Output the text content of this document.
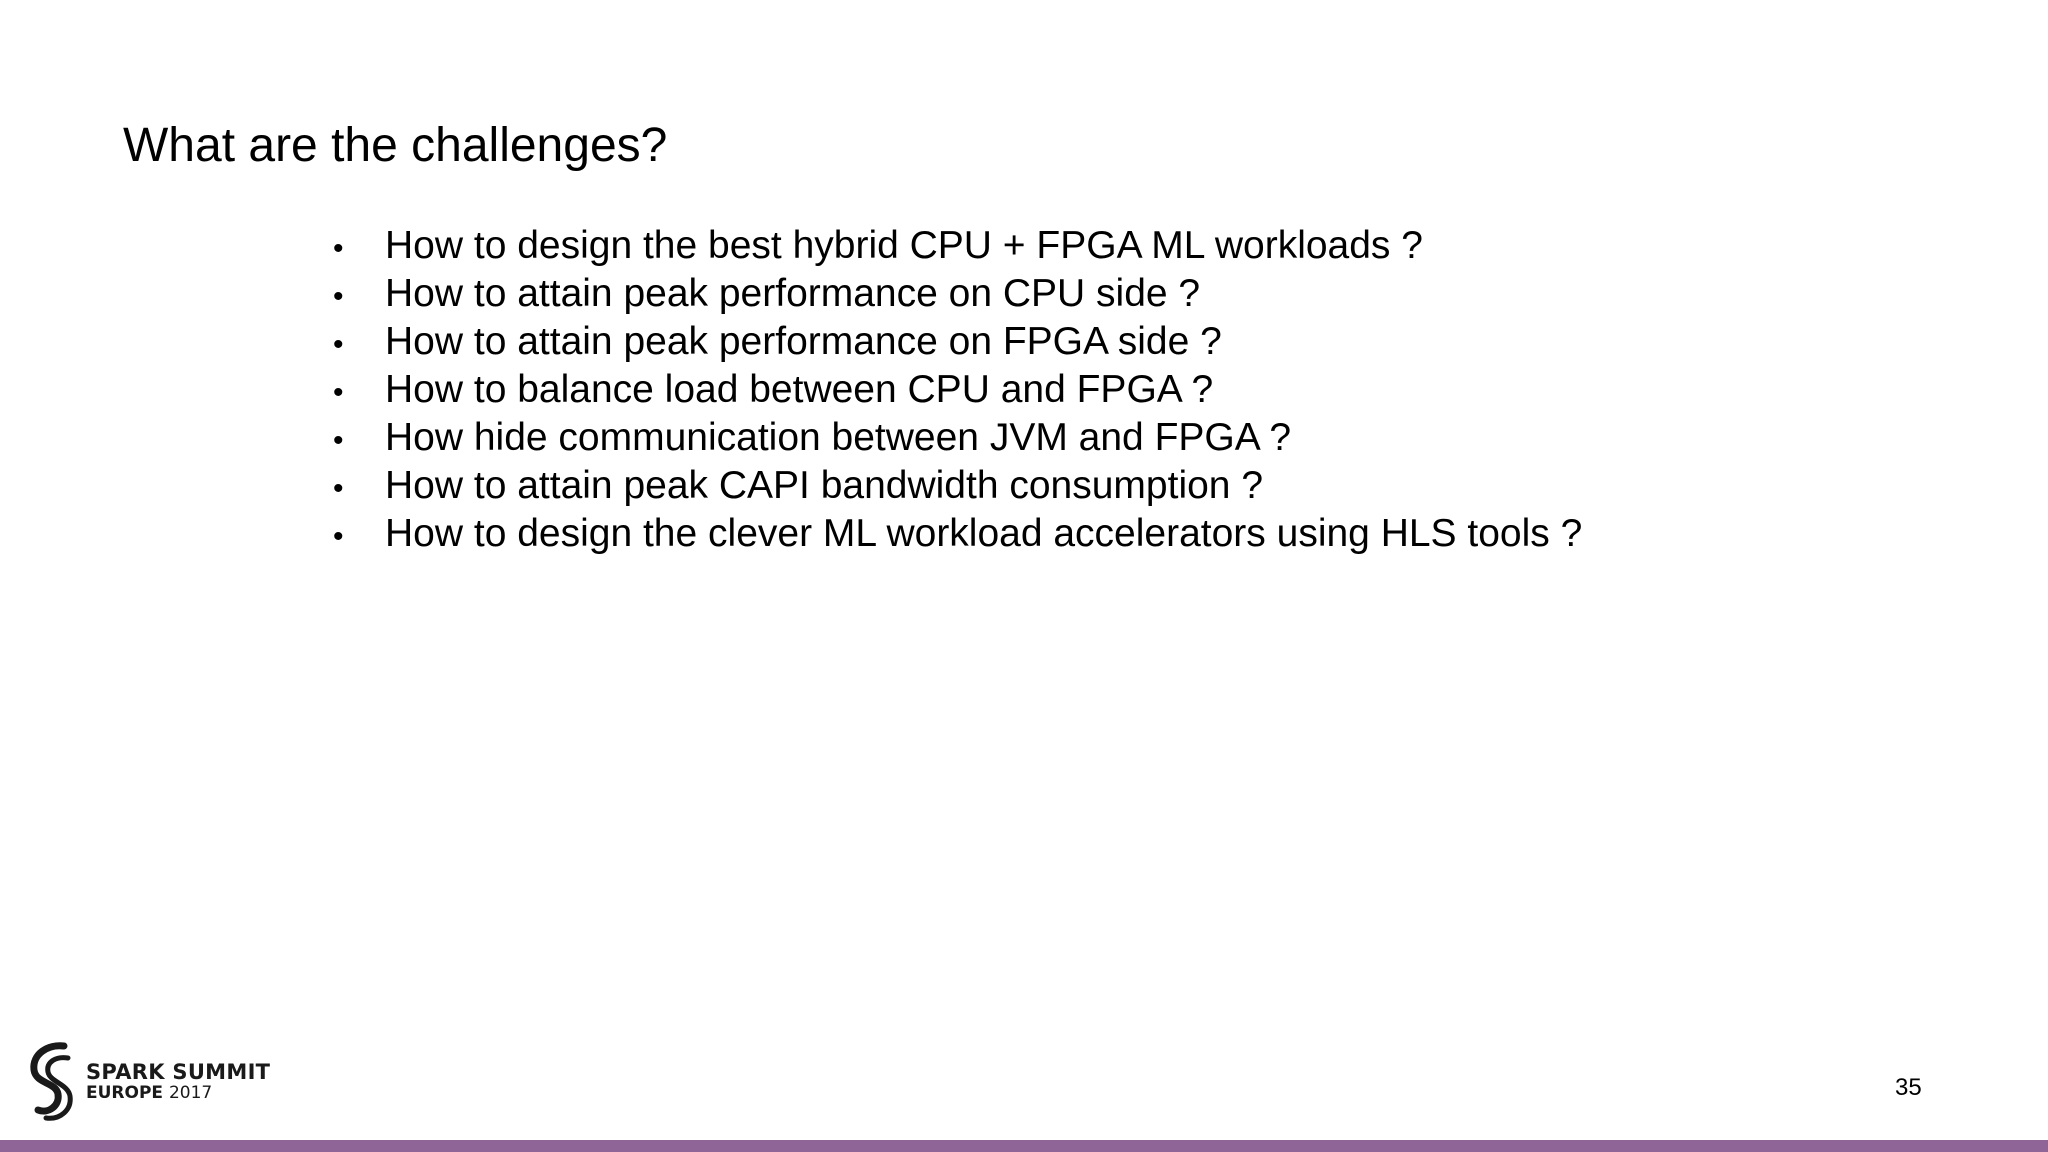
What are the challenges?
•	How to design the best hybrid CPU + FPGA ML workloads ?
•	How to attain peak performance on CPU side ?
•	How to attain peak performance on FPGA side ?
•	How to balance load between CPU and FPGA ?
•	How hide communication between JVM and FPGA ?
•	How to attain peak CAPI bandwidth consumption ?
•	How to design the clever ML workload accelerators using HLS tools ?
SPARK SUMMIT
EUROPE 2017	35
